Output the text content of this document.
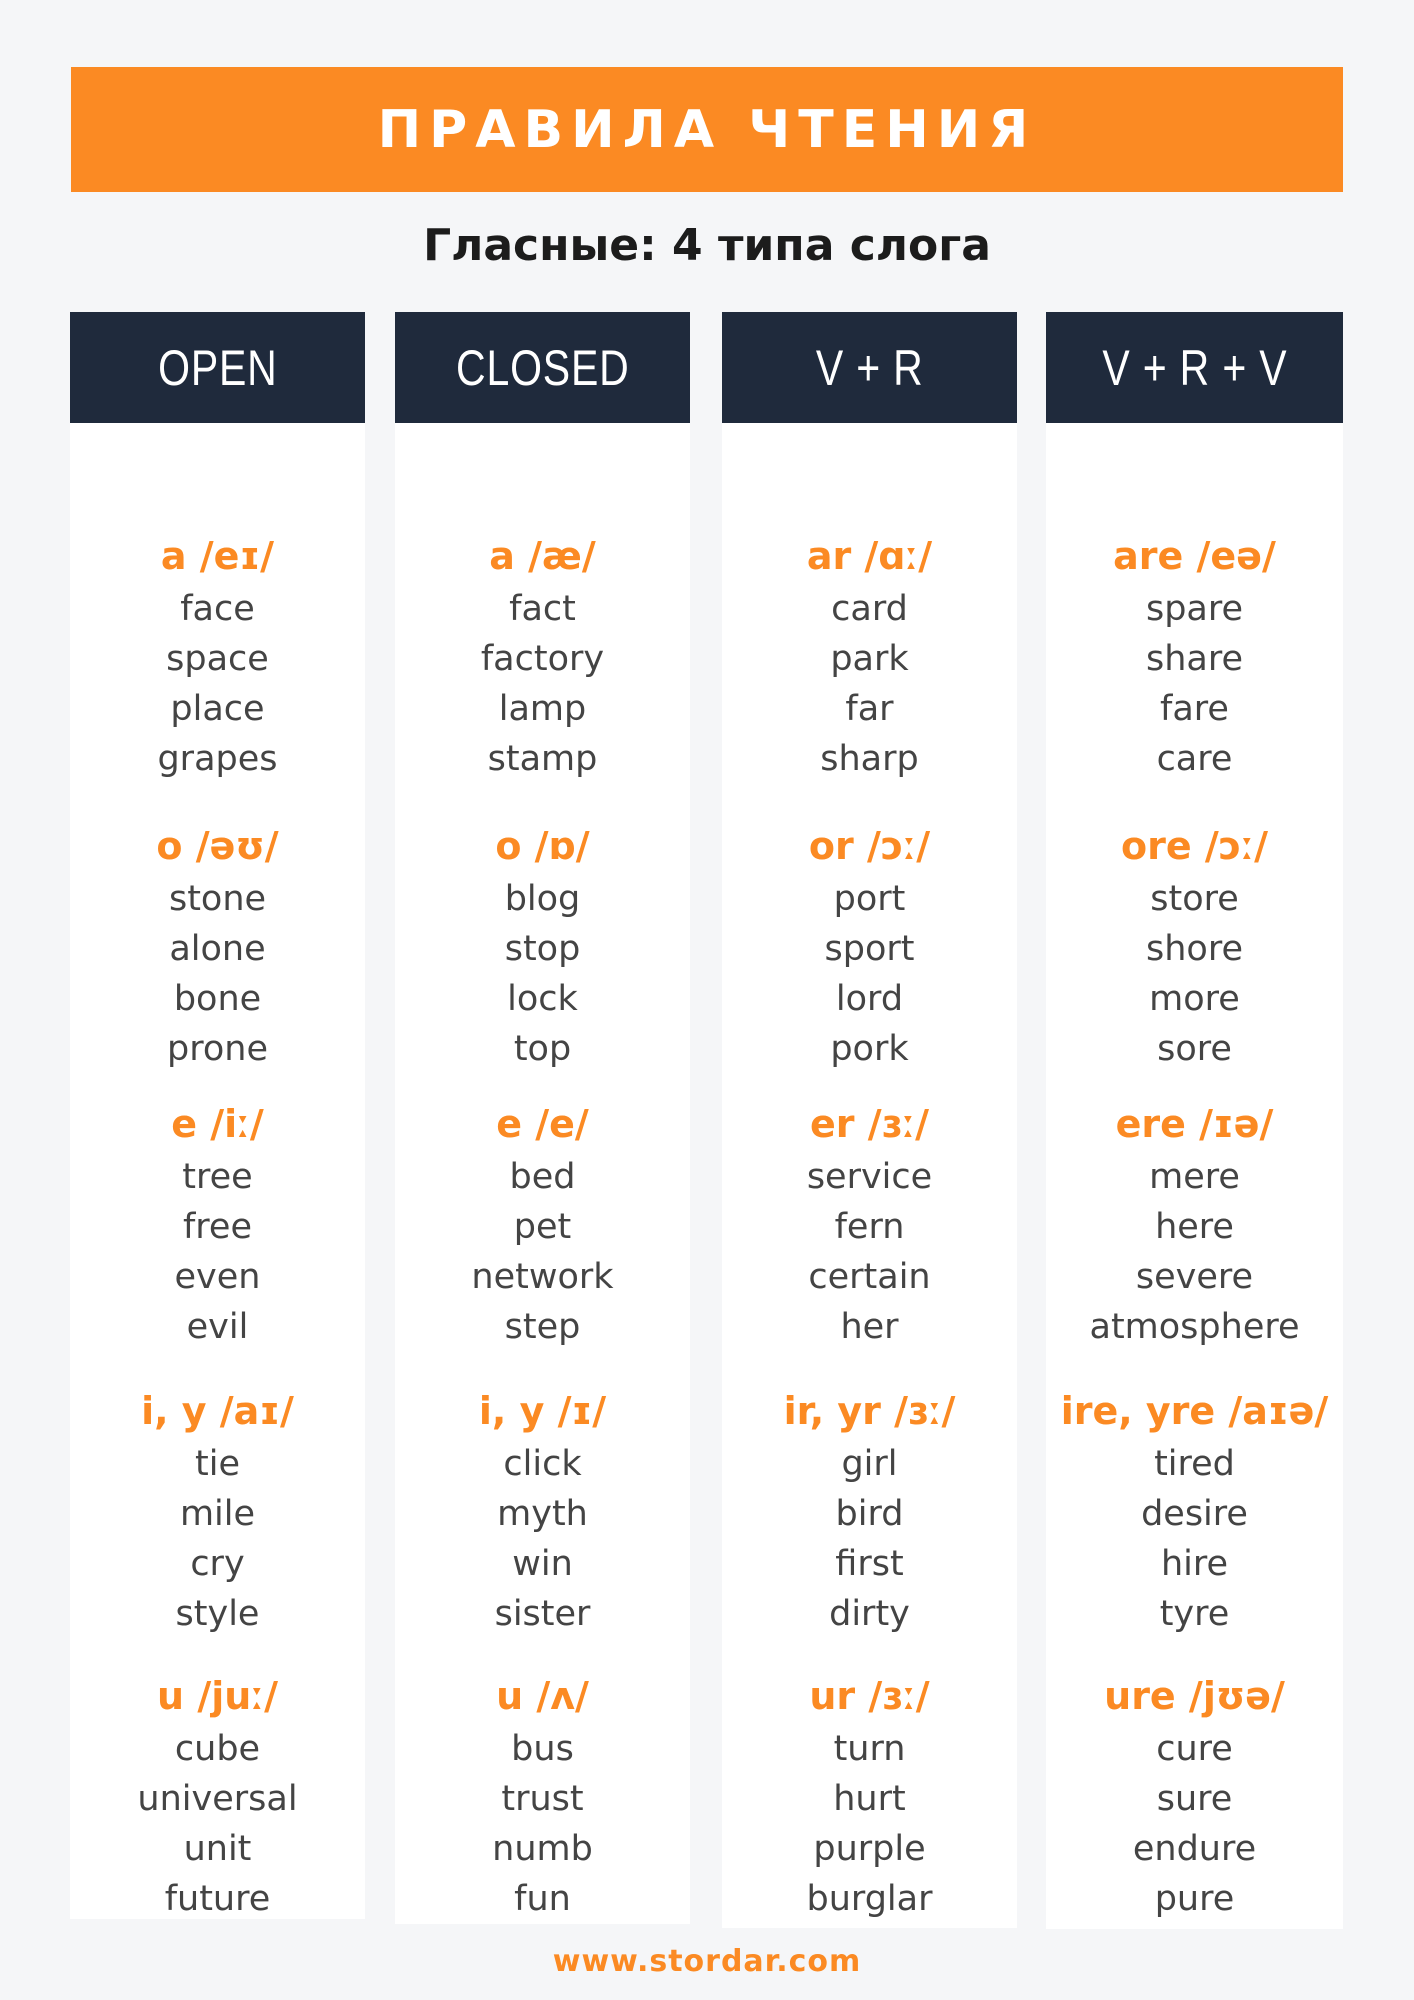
ПРАВИЛА ЧТЕНИЯ
Гласные: 4 типа слога
OPEN
a /eɪ/
face
space
place
grapes
o /əʊ/
stone
alone
bone
prone
e /iː/
tree
free
even
evil
i, y /aɪ/
tie
mile
cry
style
u /juː/
cube
universal
unit
future
CLOSED
a /æ/
fact
factory
lamp
stamp
o /ɒ/
blog
stop
lock
top
e /e/
bed
pet
network
step
i, y /ɪ/
click
myth
win
sister
u /ʌ/
bus
trust
numb
fun
V + R
ar /ɑː/
card
park
far
sharp
or /ɔː/
port
sport
lord
pork
er /ɜː/
service
fern
certain
her
ir, yr /ɜː/
girl
bird
first
dirty
ur /ɜː/
turn
hurt
purple
burglar
V + R + V
are /eə/
spare
share
fare
care
ore /ɔː/
store
shore
more
sore
ere /ɪə/
mere
here
severe
atmosphere
ire, yre /aɪə/
tired
desire
hire
tyre
ure /jʊə/
cure
sure
endure
pure
www.stordar.com
